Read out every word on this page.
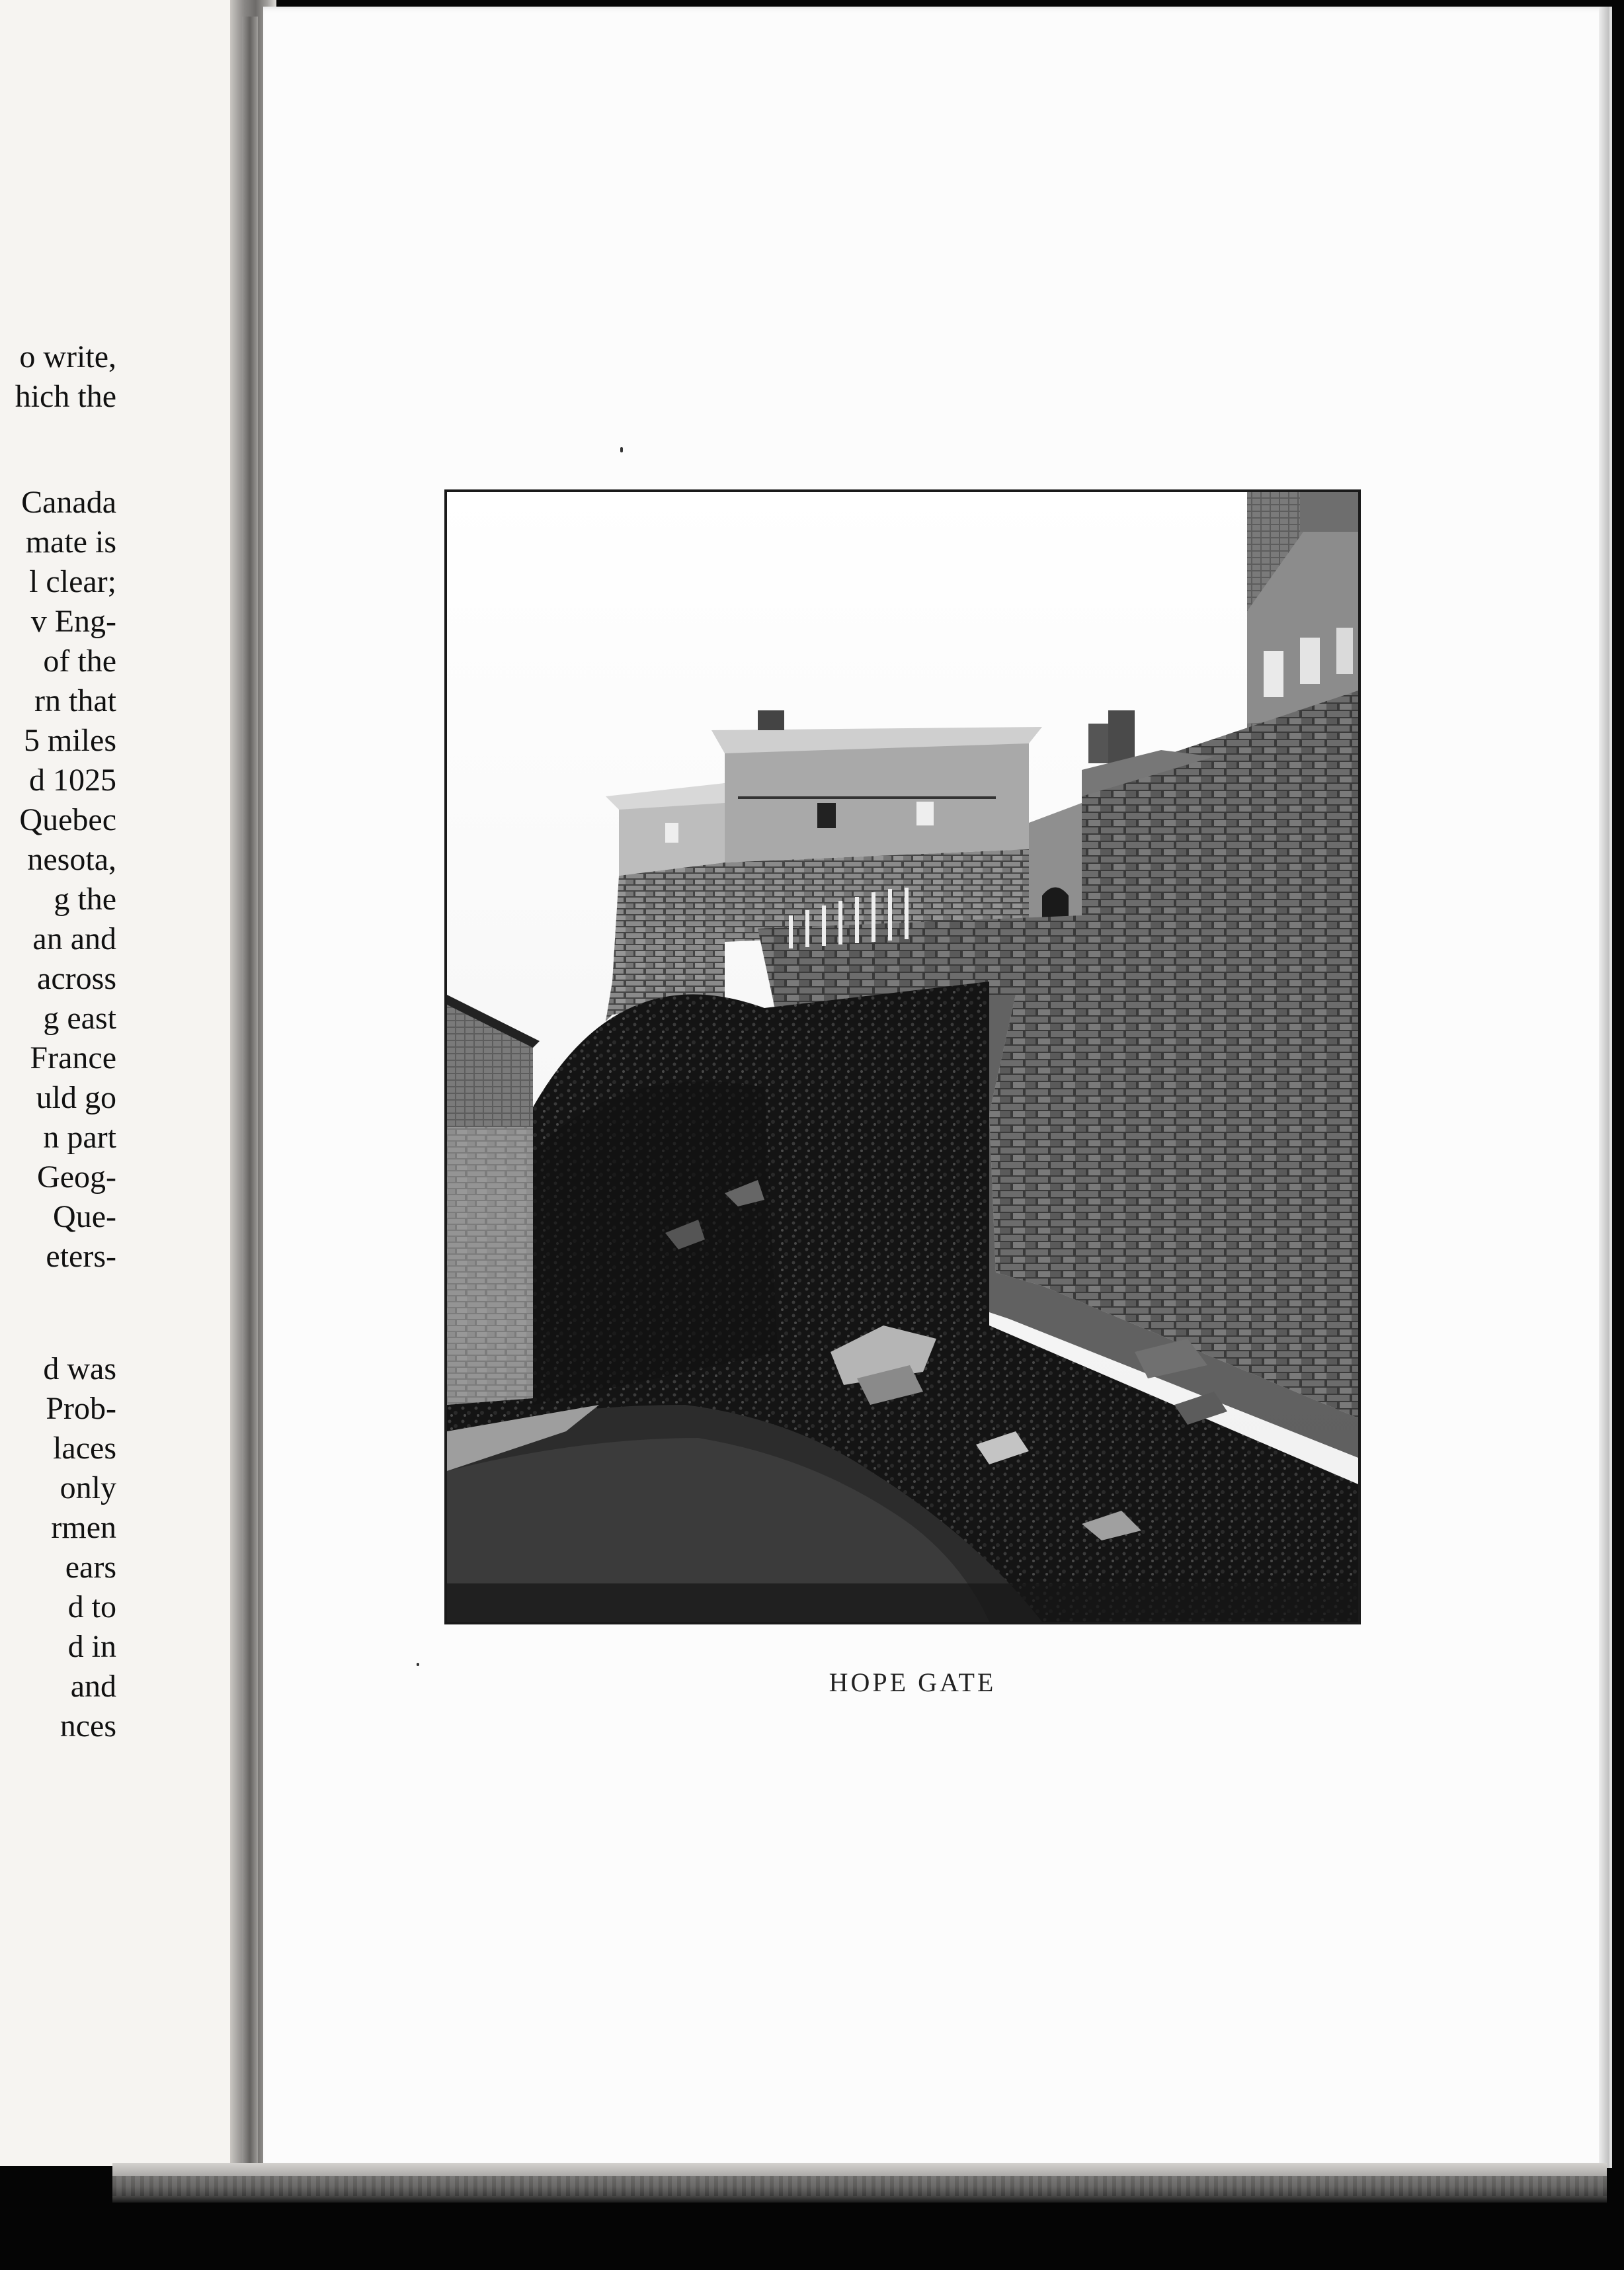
o write,
hich the
Canada
mate is
l clear;
v Eng-
of the
rn that
5 miles
d 1025
Quebec
nesota,
g the
an and
across
g east
France
uld go
n part
Geog-
Que-
eters-
d was
Prob-
laces
only
rmen
ears
d to
d in
and
nces
HOPE GATE
